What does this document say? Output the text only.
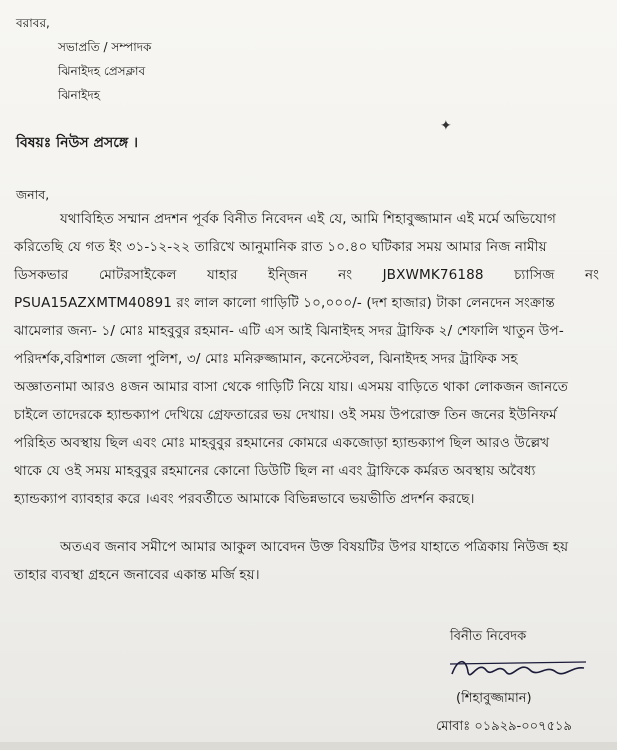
বরাবর,
সভাপ্রতি / সম্পাদক
ঝিনাইদহ প্রেসক্লাব
ঝিনাইদহ
✦
বিষয়ঃ নিউস প্রসঙ্গে ।
জনাব,
যথাবিহিত সম্মান প্রদশন পূর্বক বিনীত নিবেদন এই যে, আমি শিহাবুজ্জামান এই মর্মে অভিযোগ
করিতেছি যে গত ইং ৩১-১২-২২ তারিখে আনুমানিক রাত ১০.৪০ ঘটিকার সময় আমার নিজ নামীয়
ডিসকভার মোটরসাইকেল যাহার ইন্জিন নং JBXWMK76188 চ্যাসিজ নং
PSUA15AZXMTM40891 রং লাল কালো গাড়িটি ১০,০০০/- (দশ হাজার) টাকা লেনদেন সংক্রান্ত
ঝামেলার জন্য- ১/ মোঃ মাহবুবুর রহমান- এটি এস আই ঝিনাইদহ সদর ট্রাফিক ২/ শেফালি খাতুন উপ-
পরিদর্শক,বরিশাল জেলা পুলিশ, ৩/ মোঃ মনিরুজ্জামান, কনেস্টেবল, ঝিনাইদহ সদর ট্রাফিক সহ
অজ্ঞাতনামা আরও ৪জন আমার বাসা থেকে গাড়িটি নিয়ে যায়। এসময় বাড়িতে থাকা লোকজন জানতে
চাইলে তাদেরকে হ্যান্ডক্যাপ দেখিয়ে গ্রেফতারের ভয় দেখায়। ওই সময় উপরোক্ত তিন জনের ইউনিফর্ম
পরিহিত অবস্থায় ছিল এবং মোঃ মাহবুবুর রহমানের কোমরে একজোড়া হ্যান্ডক্যাপ ছিল আরও উল্লেখ
থাকে যে ওই সময় মাহবুবুর রহমানের কোনো ডিউটি ছিল না এবং ট্রাফিকে কর্মরত অবস্থায় অবৈধ্য
হ্যান্ডক্যাপ ব্যাবহার করে ।এবং পরবর্তীতে আমাকে বিভিন্নভাবে ভয়ভীতি প্রদর্শন করছে।
অতএব জনাব সমীপে আমার আকুল আবেদন উক্ত বিষয়টির উপর যাহাতে পত্রিকায় নিউজ হয়
তাহার ব্যবস্থা গ্রহনে জনাবের একান্ত মর্জি হয়।
বিনীত নিবেদক
শিহাবুজ্জামান
(শিহাবুজ্জামান)
মোবাঃ ০১৯২৯-০০৭৫১৯
